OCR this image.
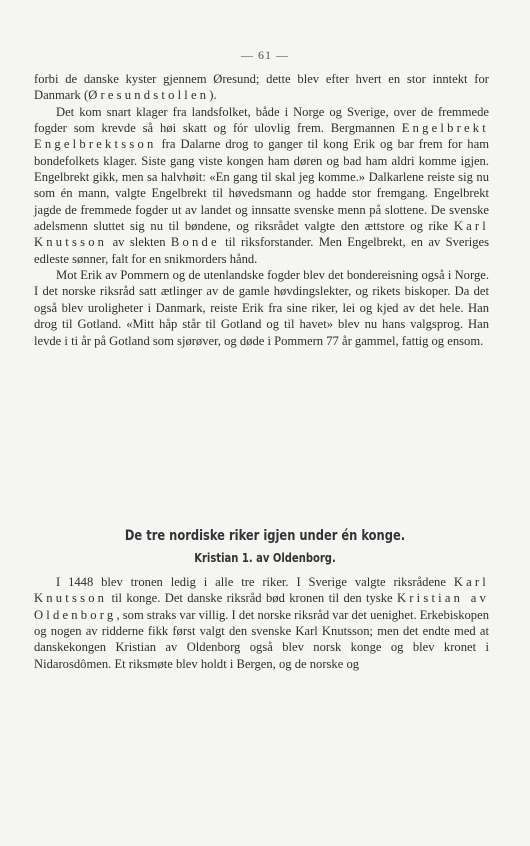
— 61 —

forbi de danske kyster gjennem Øresund; dette blev efter hvert en stor inntekt for Danmark (Øresundstollen).

Det kom snart klager fra landsfolket, både i Norge og Sverige, over de fremmede fogder som krevde så høi skatt og fór ulovlig frem. Bergmannen Engelbrekt Engelbrektsson fra Dalarne drog to ganger til kong Erik og bar frem for ham bondefolkets klager. Siste gang viste kongen ham døren og bad ham aldri komme igjen. Engelbrekt gikk, men sa halvhøit: «En gang til skal jeg komme.» Dalkarlene reiste sig nu som én mann, valgte Engelbrekt til høvedsmann og hadde stor fremgang. Engelbrekt jagde de fremmede fogder ut av landet og innsatte svenske menn på slottene. De svenske adelsmenn sluttet sig nu til bøndene, og riksrådet valgte den ættstore og rike Karl Knutsson av slekten Bonde til riksforstander. Men Engelbrekt, en av Sveriges edleste sønner, falt for en snikmorders hånd.

Mot Erik av Pommern og de utenlandske fogder blev det bondereisning også i Norge. I det norske riksråd satt ætlinger av de gamle høvdingslekter, og rikets biskoper. Da det også blev uroligheter i Danmark, reiste Erik fra sine riker, lei og kjed av det hele. Han drog til Gotland. «Mitt håp står til Gotland og til havet» blev nu hans valgsprog. Han levde i ti år på Gotland som sjørøver, og døde i Pommern 77 år gammel, fattig og ensom.

De tre nordiske riker igjen under én konge.
Kristian 1. av Oldenborg.

I 1448 blev tronen ledig i alle tre riker. I Sverige valgte riksrådene Karl Knutsson til konge. Det danske riksråd bød kronen til den tyske Kristian av Oldenborg, som straks var villig. I det norske riksråd var det uenighet. Erkebiskopen og nogen av ridderne fikk først valgt den svenske Karl Knutsson; men det endte med at danskekongen Kristian av Oldenborg også blev norsk konge og blev kronet i Nidarosdômen. Et riksmøte blev holdt i Bergen, og de norske og
